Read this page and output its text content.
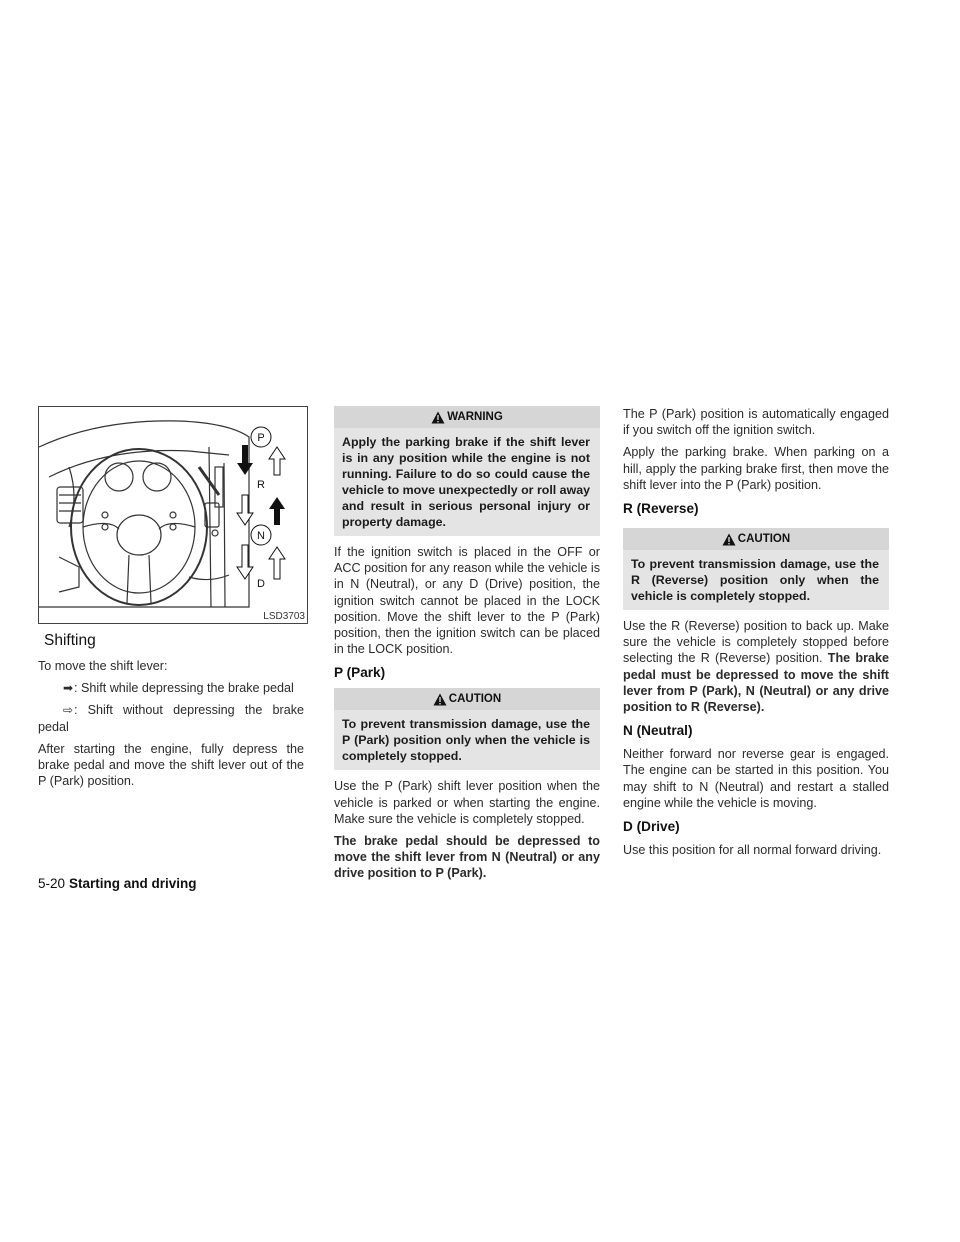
P
R
N
D
LSD3703
Shifting

To move the shift lever:

➡: Shift while depressing the brake pedal
⇨: Shift without depressing the brake pedal

After starting the engine, fully depress the brake pedal and move the shift lever out of the P (Park) position.

WARNING
Apply the parking brake if the shift lever is in any position while the engine is not running. Failure to do so could cause the vehicle to move unexpectedly or roll away and result in serious personal injury or property damage.

If the ignition switch is placed in the OFF or ACC position for any reason while the vehicle is in N (Neutral), or any D (Drive) position, the ignition switch cannot be placed in the LOCK position. Move the shift lever to the P (Park) position, then the ignition switch can be placed in the LOCK position.

P (Park)
CAUTION
To prevent transmission damage, use the P (Park) position only when the vehicle is completely stopped.

Use the P (Park) shift lever position when the vehicle is parked or when starting the engine. Make sure the vehicle is completely stopped.

The brake pedal should be depressed to move the shift lever from N (Neutral) or any drive position to P (Park).

The P (Park) position is automatically engaged if you switch off the ignition switch.

Apply the parking brake. When parking on a hill, apply the parking brake first, then move the shift lever into the P (Park) position.

R (Reverse)
CAUTION
To prevent transmission damage, use the R (Reverse) position only when the vehicle is completely stopped.

Use the R (Reverse) position to back up. Make sure the vehicle is completely stopped before selecting the R (Reverse) position. The brake pedal must be depressed to move the shift lever from P (Park), N (Neutral) or any drive position to R (Reverse).

N (Neutral)

Neither forward nor reverse gear is engaged. The engine can be started in this position. You may shift to N (Neutral) and restart a stalled engine while the vehicle is moving.

D (Drive)

Use this position for all normal forward driving.

5-20 Starting and driving
